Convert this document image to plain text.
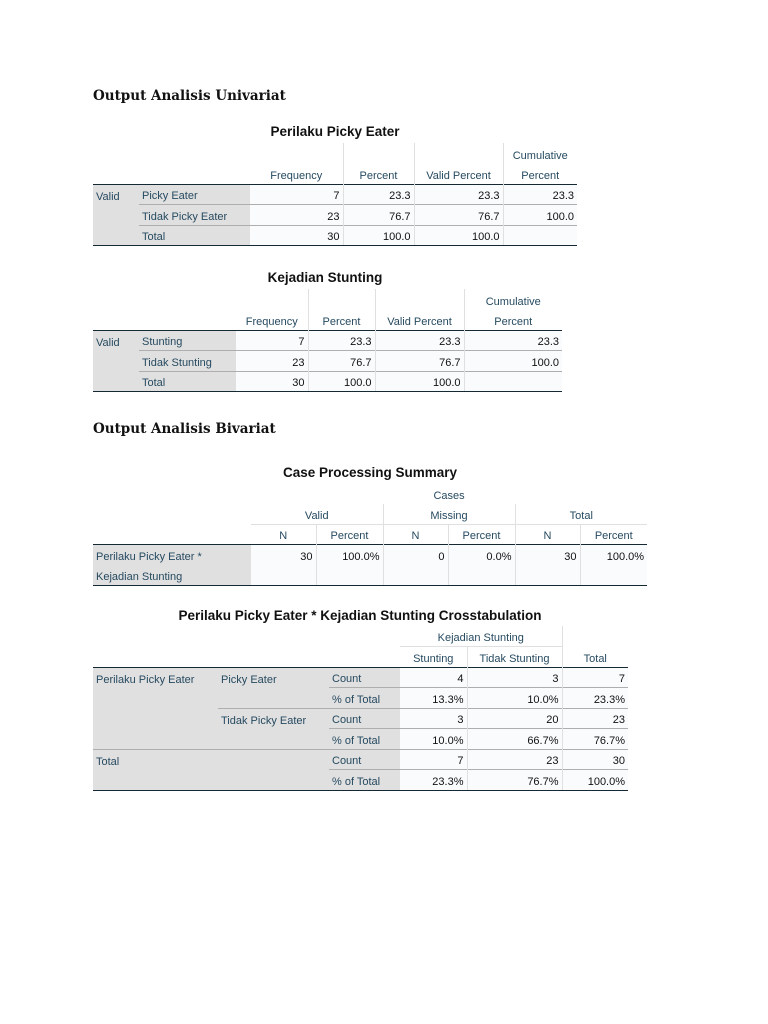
Output Analisis Univariat
Perilaku Picky Eater
					Cumulative
		Frequency	Percent	Valid Percent	Percent
Valid	Picky Eater	7	23.3	23.3	23.3
	Tidak Picky Eater	23	76.7	76.7	100.0
	Total	30	100.0	100.0	
Kejadian Stunting
					Cumulative
		Frequency	Percent	Valid Percent	Percent
Valid	Stunting	7	23.3	23.3	23.3
	Tidak Stunting	23	76.7	76.7	100.0
	Total	30	100.0	100.0	
Output Analisis Bivariat
Case Processing Summary
	Cases					
	Valid		Missing		Total	
	N	Percent	N	Percent	N	Percent
Perilaku Picky Eater *	30	100.0%	0	0.0%	30	100.0%
Kejadian Stunting						
Perilaku Picky Eater * Kejadian Stunting Crosstabulation
			Kejadian Stunting		
			Stunting	Tidak Stunting	Total
Perilaku Picky Eater	Picky Eater	Count	4	3	7
		% of Total	13.3%	10.0%	23.3%
	Tidak Picky Eater	Count	3	20	23
		% of Total	10.0%	66.7%	76.7%
Total		Count	7	23	30
		% of Total	23.3%	76.7%	100.0%
